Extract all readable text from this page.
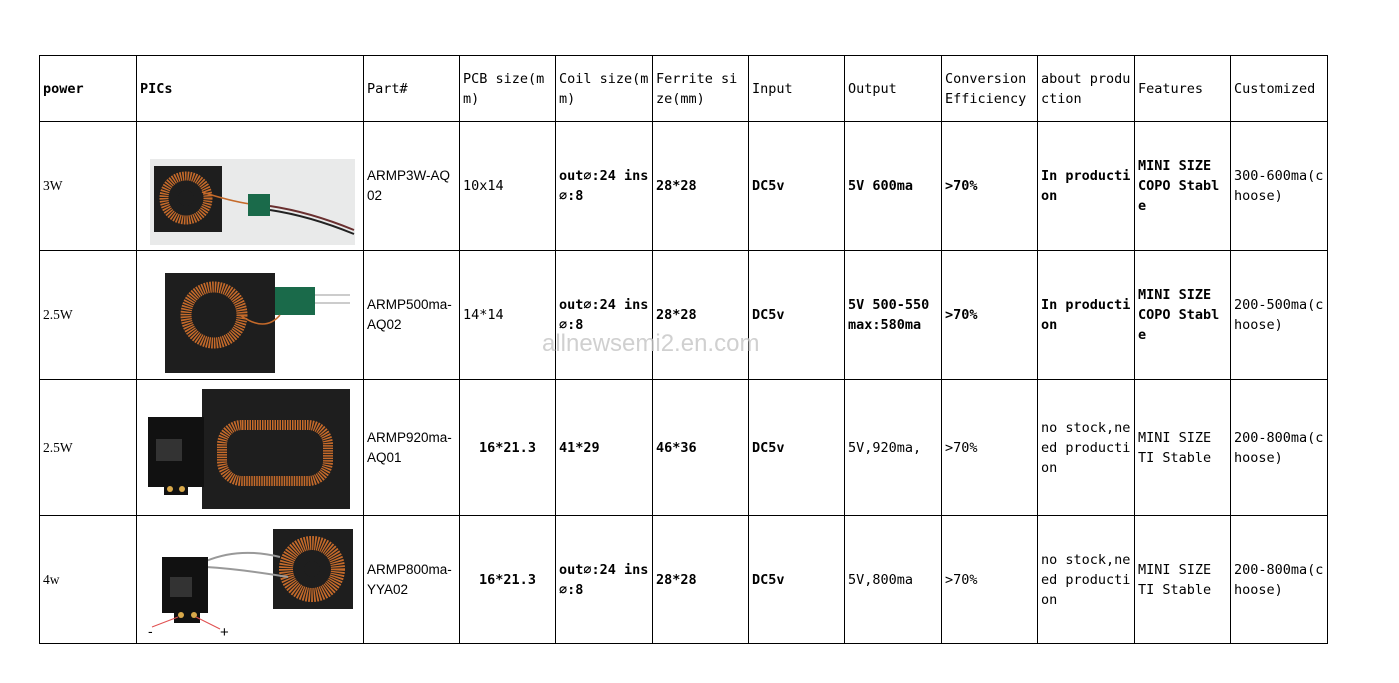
power	PICs	Part#	PCB size(mm)	Coil size(mm)	Ferrite size(mm)	Input	Output	Conversion Efficiency	about production	Features	Customized
3W		ARMP3W-AQ02	10x14	out∅:24 ins∅:8	28*28	DC5v	5V 600ma	>70%	In production	MINI SIZE COPO Stable	300-600ma(choose)
2.5W		ARMP500ma-AQ02	14*14	out∅:24 ins∅:8	28*28	DC5v	5V 500-550 max:580ma	>70%	In production	MINI SIZE COPO Stable	200-500ma(choose)
2.5W		ARMP920ma-AQ01	16*21.3	41*29	46*36	DC5v	5V,920ma,	>70%	no stock,need production	MINI SIZE TI Stable	200-800ma(choose)
4w	- +	ARMP800ma-YYA02	16*21.3	out∅:24 ins∅:8	28*28	DC5v	5V,800ma	>70%	no stock,need production	MINI SIZE TI Stable	200-800ma(choose)
allnewsemi2.en.com
